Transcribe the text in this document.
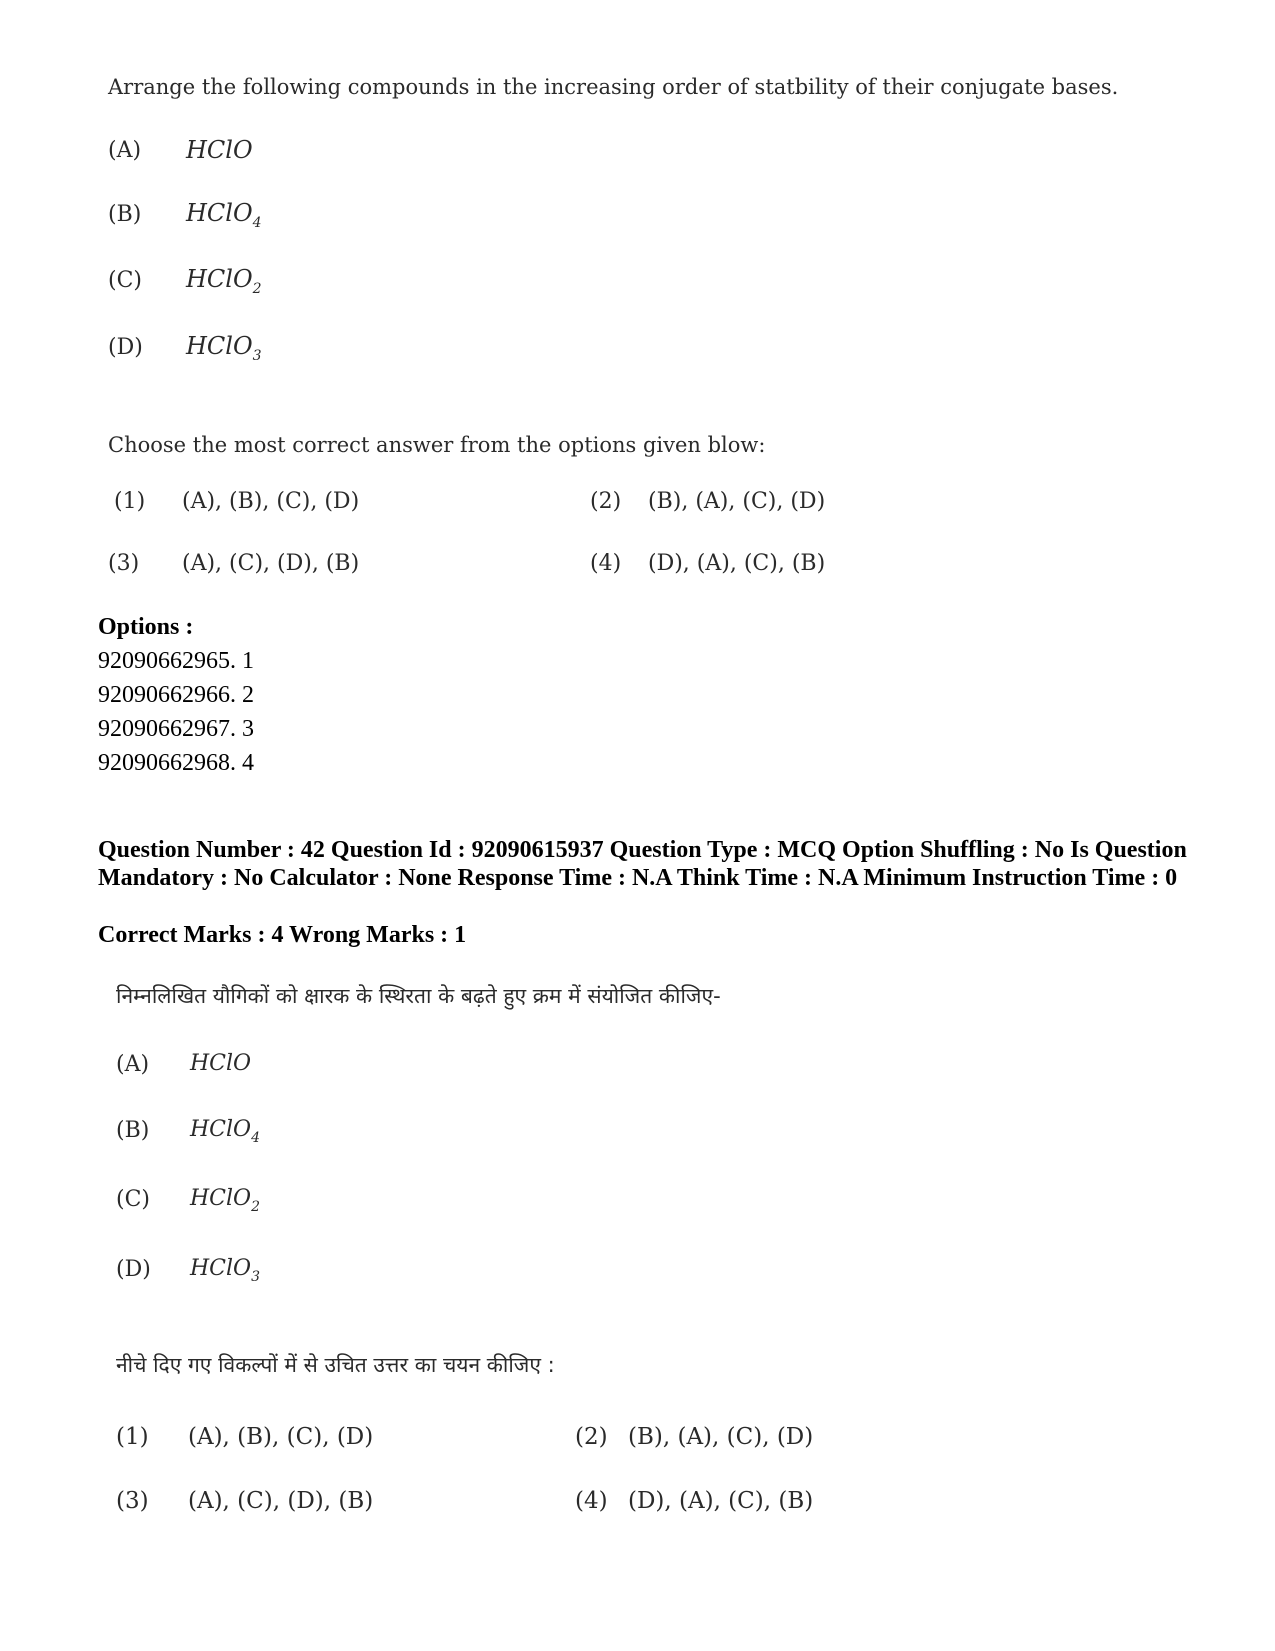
Arrange the following compounds in the increasing order of statbility of their conjugate bases.
(A) HClO
(B) HClO$_4$
(C) HClO$_2$
(D) HClO$_3$
Choose the most correct answer from the options given blow:
(1) (A), (B), (C), (D)	(2) (B), (A), (C), (D)
(3) (A), (C), (D), (B)	(4) (D), (A), (C), (B)
Options :
92090662965. 1
92090662966. 2
92090662967. 3
92090662968. 4
Question Number : 42 Question Id : 92090615937 Question Type : MCQ Option Shuffling : No Is Question Mandatory : No Calculator : None Response Time : N.A Think Time : N.A Minimum Instruction Time : 0
Correct Marks : 4 Wrong Marks : 1
निम्नलिखित यौगिकों को क्षारक के स्थिरता के बढ़ते हुए क्रम में संयोजित कीजिए-
(A) HClO
(B) HClO$_4$
(C) HClO$_2$
(D) HClO$_3$
नीचे दिए गए विकल्पों में से उचित उत्तर का चयन कीजिए :
(1) (A), (B), (C), (D)	(2) (B), (A), (C), (D)
(3) (A), (C), (D), (B)	(4) (D), (A), (C), (B)
